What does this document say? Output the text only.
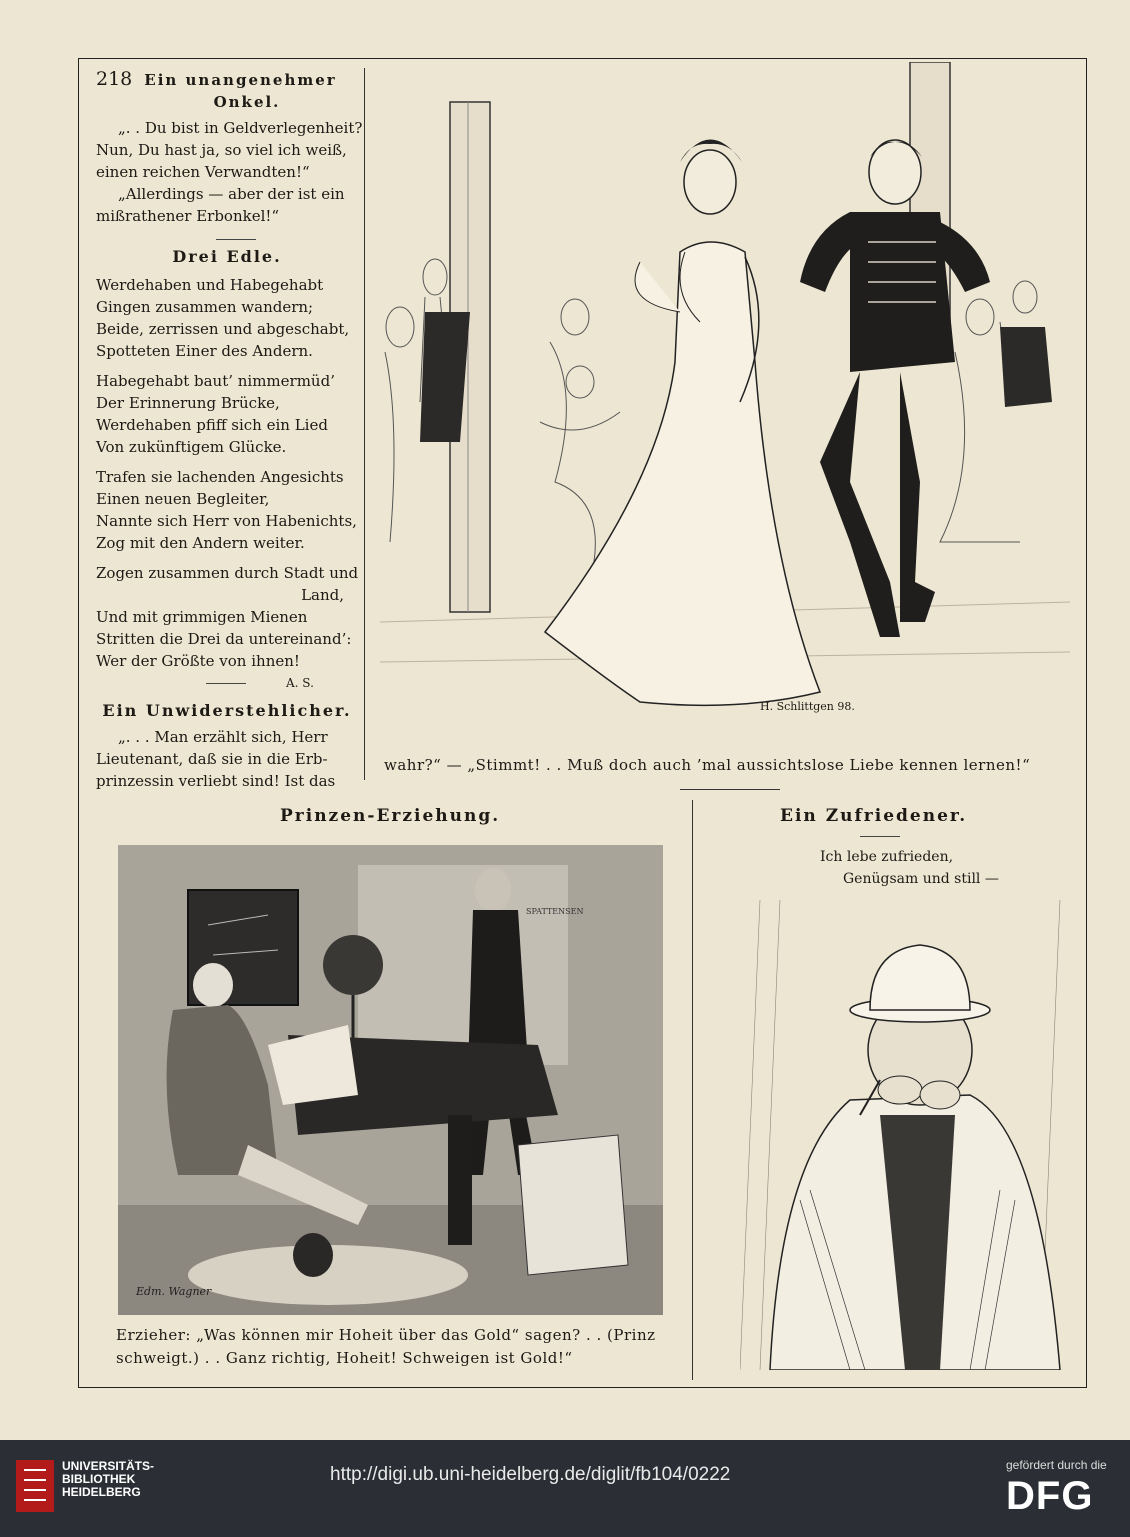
218 Ein unangenehmer
Onkel.

„. . Du bist in Geldverlegenheit?

Nun, Du hast ja, so viel ich weiß,

einen reichen Verwandten!“

„Allerdings — aber der ist ein

mißrathener Erbonkel!“

Drei Edle.

Werdehaben und Habegehabt

Gingen zusammen wandern;

Beide, zerrissen und abgeschabt,

Spotteten Einer des Andern.

Habegehabt baut’ nimmermüd’

Der Erinnerung Brücke,

Werdehaben pfiff sich ein Lied

Von zukünftigem Glücke.

Trafen sie lachenden Angesichts

Einen neuen Begleiter,

Nannte sich Herr von Habenichts,

Zog mit den Andern weiter.

Zogen zusammen durch Stadt und

Land,

Und mit grimmigen Mienen

Stritten die Drei da untereinand’:

Wer der Größte von ihnen!

A. S.
Ein Unwiderstehlicher.

„. . . Man erzählt sich, Herr

Lieutenant, daß sie in die Erb-

prinzessin verliebt sind! Ist das

H. Schlittgen 98.
wahr?“ — „Stimmt! . . Muß doch auch ’mal aussichtslose Liebe kennen lernen!“
Prinzen-Erziehung.
SPATTENSEN
Edm. Wagner
Erzieher: „Was können mir Hoheit über das Gold“ sagen? . . (Prinz
schweigt.) . . Ganz richtig, Hoheit! Schweigen ist Gold!“
Ein Zufriedener.
Ich lebe zufrieden,
Genügsam und still —
UNIVERSITÄTS-
BIBLIOTHEK
HEIDELBERG
http://digi.ub.uni-heidelberg.de/diglit/fb104/0222	gefördert durch die
DFG
